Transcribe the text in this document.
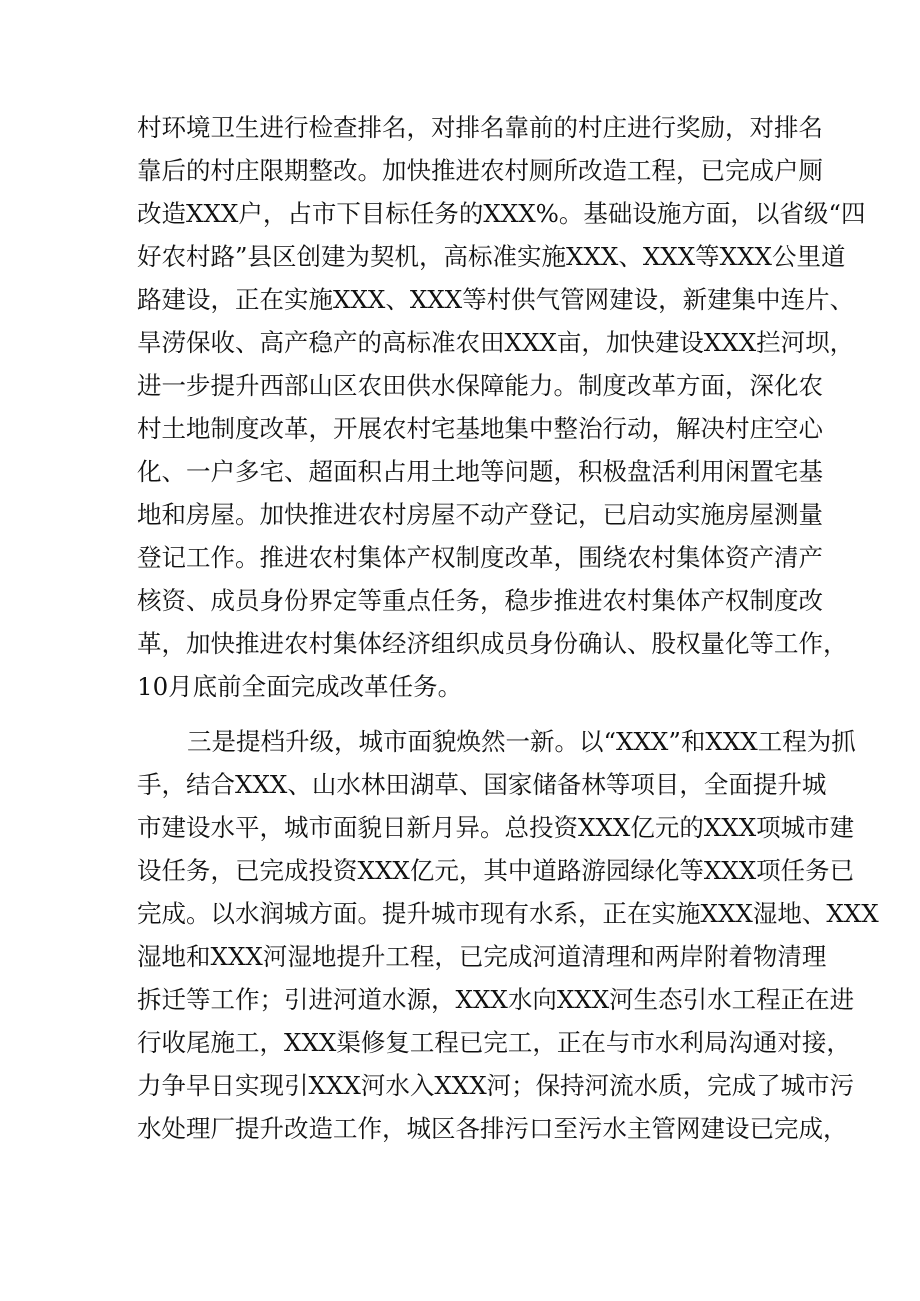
村环境卫生进行检查排名，对排名靠前的村庄进行奖励，对排名
靠后的村庄限期整改。加快推进农村厕所改造工程，已完成户厕
改造XXX户，占市下目标任务的XXX%。基础设施方面，以省级“四
好农村路”县区创建为契机，高标准实施XXX、XXX等XXX公里道
路建设，正在实施XXX、XXX等村供气管网建设，新建集中连片、
旱涝保收、高产稳产的高标准农田XXX亩，加快建设XXX拦河坝，
进一步提升西部山区农田供水保障能力。制度改革方面，深化农
村土地制度改革，开展农村宅基地集中整治行动，解决村庄空心
化、一户多宅、超面积占用土地等问题，积极盘活利用闲置宅基
地和房屋。加快推进农村房屋不动产登记，已启动实施房屋测量
登记工作。推进农村集体产权制度改革，围绕农村集体资产清产
核资、成员身份界定等重点任务，稳步推进农村集体产权制度改
革，加快推进农村集体经济组织成员身份确认、股权量化等工作，
10月底前全面完成改革任务。
三是提档升级，城市面貌焕然一新。以“XXX”和XXX工程为抓
手，结合XXX、山水林田湖草、国家储备林等项目，全面提升城
市建设水平，城市面貌日新月异。总投资XXX亿元的XXX项城市建
设任务，已完成投资XXX亿元，其中道路游园绿化等XXX项任务已
完成。以水润城方面。提升城市现有水系，正在实施XXX湿地、XXX
湿地和XXX河湿地提升工程，已完成河道清理和两岸附着物清理
拆迁等工作；引进河道水源，XXX水向XXX河生态引水工程正在进
行收尾施工，XXX渠修复工程已完工，正在与市水利局沟通对接，
力争早日实现引XXX河水入XXX河；保持河流水质，完成了城市污
水处理厂提升改造工作，城区各排污口至污水主管网建设已完成，
